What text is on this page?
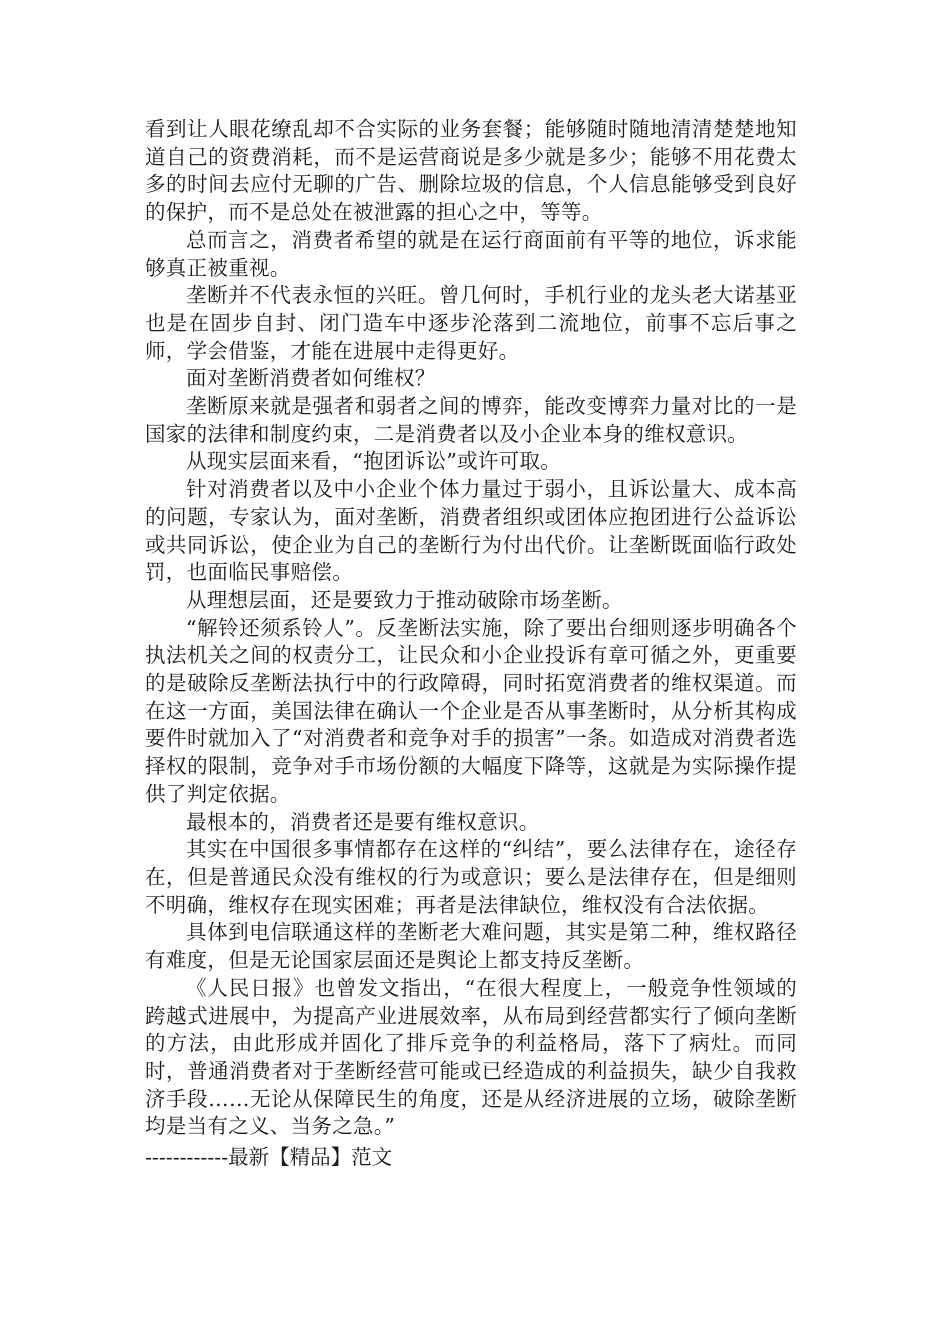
看到让人眼花缭乱却不合实际的业务套餐；能够随时随地清清楚楚地知道自己的资费消耗，而不是运营商说是多少就是多少；能够不用花费太多的时间去应付无聊的广告、删除垃圾的信息，个人信息能够受到良好的保护，而不是总处在被泄露的担心之中，等等。

总而言之，消费者希望的就是在运行商面前有平等的地位，诉求能够真正被重视。

垄断并不代表永恒的兴旺。曾几何时，手机行业的龙头老大诺基亚也是在固步自封、闭门造车中逐步沦落到二流地位，前事不忘后事之师，学会借鉴，才能在进展中走得更好。

面对垄断消费者如何维权？

垄断原来就是强者和弱者之间的博弈，能改变博弈力量对比的一是国家的法律和制度约束，二是消费者以及小企业本身的维权意识。

从现实层面来看，“抱团诉讼”或许可取。

针对消费者以及中小企业个体力量过于弱小，且诉讼量大、成本高的问题，专家认为，面对垄断，消费者组织或团体应抱团进行公益诉讼或共同诉讼，使企业为自己的垄断行为付出代价。让垄断既面临行政处罚，也面临民事赔偿。

从理想层面，还是要致力于推动破除市场垄断。

“解铃还须系铃人”。反垄断法实施，除了要出台细则逐步明确各个执法机关之间的权责分工，让民众和小企业投诉有章可循之外，更重要的是破除反垄断法执行中的行政障碍，同时拓宽消费者的维权渠道。而在这一方面，美国法律在确认一个企业是否从事垄断时，从分析其构成要件时就加入了“对消费者和竞争对手的损害”一条。如造成对消费者选择权的限制，竞争对手市场份额的大幅度下降等，这就是为实际操作提供了判定依据。

最根本的，消费者还是要有维权意识。

其实在中国很多事情都存在这样的“纠结”，要么法律存在，途径存在，但是普通民众没有维权的行为或意识；要么是法律存在，但是细则不明确，维权存在现实困难；再者是法律缺位，维权没有合法依据。

具体到电信联通这样的垄断老大难问题，其实是第二种，维权路径有难度，但是无论国家层面还是舆论上都支持反垄断。

《人民日报》也曾发文指出，“在很大程度上，一般竞争性领域的跨越式进展中，为提高产业进展效率，从布局到经营都实行了倾向垄断的方法，由此形成并固化了排斥竞争的利益格局，落下了病灶。而同时，普通消费者对于垄断经营可能或已经造成的利益损失，缺少自我救济手段……无论从保障民生的角度，还是从经济进展的立场，破除垄断均是当有之义、当务之急。”

------------最新【精品】范文
